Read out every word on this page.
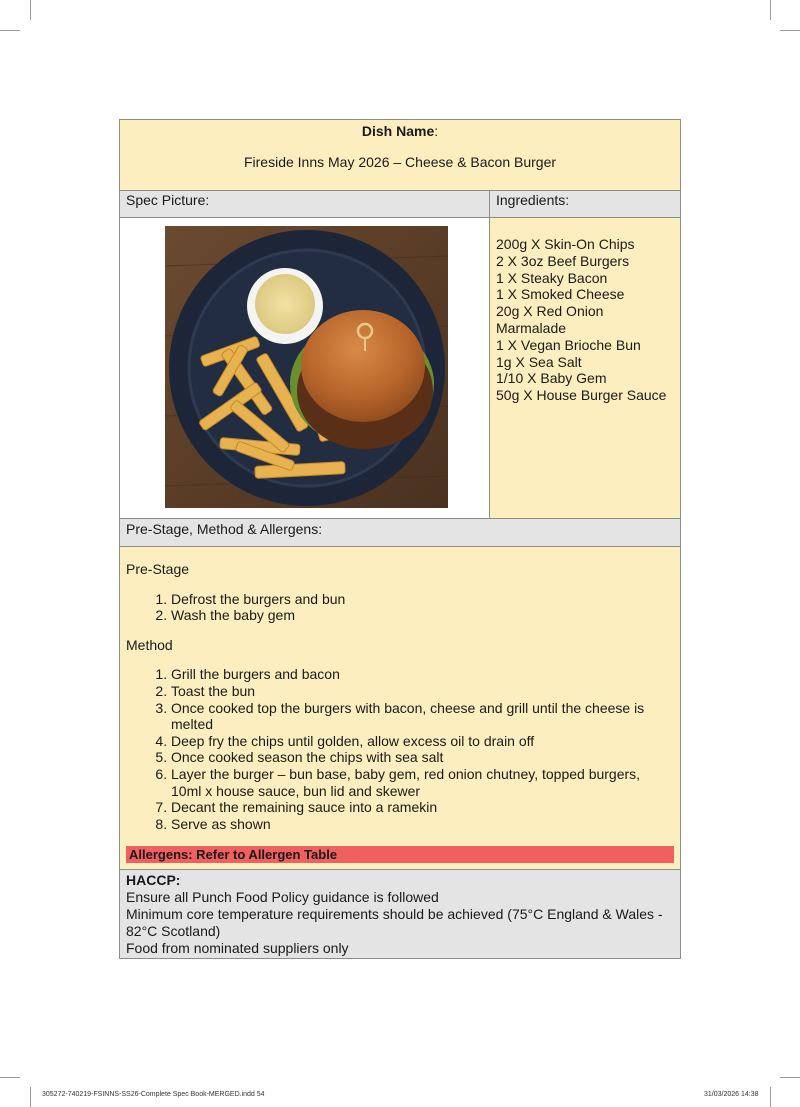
Dish Name:
Fireside Inns May 2026 – Cheese & Bacon Burger
Spec Picture:	Ingredients:
200g X Skin-On Chips
2 X 3oz Beef Burgers
1 X Steaky Bacon
1 X Smoked Cheese
20g X Red Onion
Marmalade
1 X Vegan Brioche Bun
1g X Sea Salt
1/10 X Baby Gem
50g X House Burger Sauce
Pre-Stage, Method & Allergens:
Pre-Stage
1. Defrost the burgers and bun
2. Wash the baby gem
Method
1. Grill the burgers and bacon
2. Toast the bun
3. Once cooked top the burgers with bacon, cheese and grill until the cheese is melted
4. Deep fry the chips until golden, allow excess oil to drain off
5. Once cooked season the chips with sea salt
6. Layer the burger – bun base, baby gem, red onion chutney, topped burgers, 10ml x house sauce, bun lid and skewer
7. Decant the remaining sauce into a ramekin
8. Serve as shown
Allergens: Refer to Allergen Table
HACCP:
Ensure all Punch Food Policy guidance is followed
Minimum core temperature requirements should be achieved (75°C England & Wales - 82°C Scotland)
Food from nominated suppliers only
305272-740219-FSINNS-SS26-Complete Spec Book-MERGED.indd 54	31/03/2026 14:38
